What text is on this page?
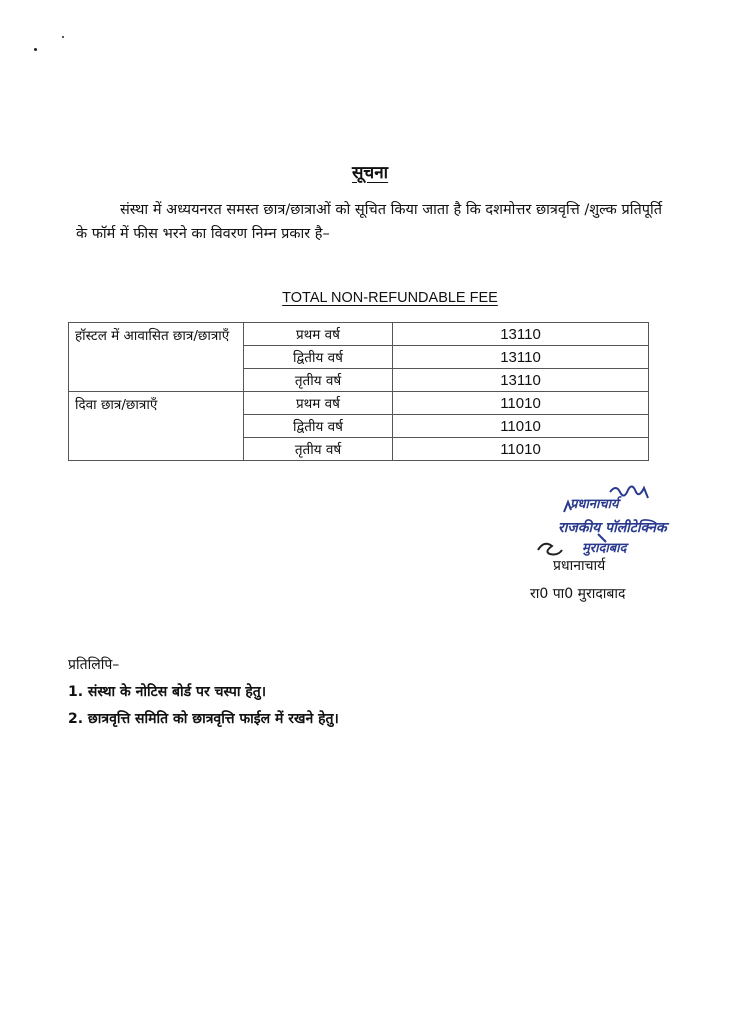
सूचना
संस्था में अध्ययनरत समस्त छात्र/छात्राओं को सूचित किया जाता है कि दशमोत्तर छात्रवृत्ति /शुल्क प्रतिपूर्ति के फॉर्म में फीस भरने का विवरण निम्न प्रकार है–
TOTAL NON-REFUNDABLE FEE
हॉस्टल में आवासित छात्र/छात्राएँ	प्रथम वर्ष	13110
	द्वितीय वर्ष	13110
	तृतीय वर्ष	13110
दिवा छात्र/छात्राएँ	प्रथम वर्ष	11010
	द्वितीय वर्ष	11010
	तृतीय वर्ष	11010
प्रधानाचार्य
राजकीय पॉलीटेक्निक
मुरादाबाद
प्रधानाचार्य
रा0 पा0 मुरादाबाद
प्रतिलिपि–
1. संस्था के नोटिस बोर्ड पर चस्पा हेतु।
2. छात्रवृत्ति समिति को छात्रवृत्ति फाईल में रखने हेतु।
